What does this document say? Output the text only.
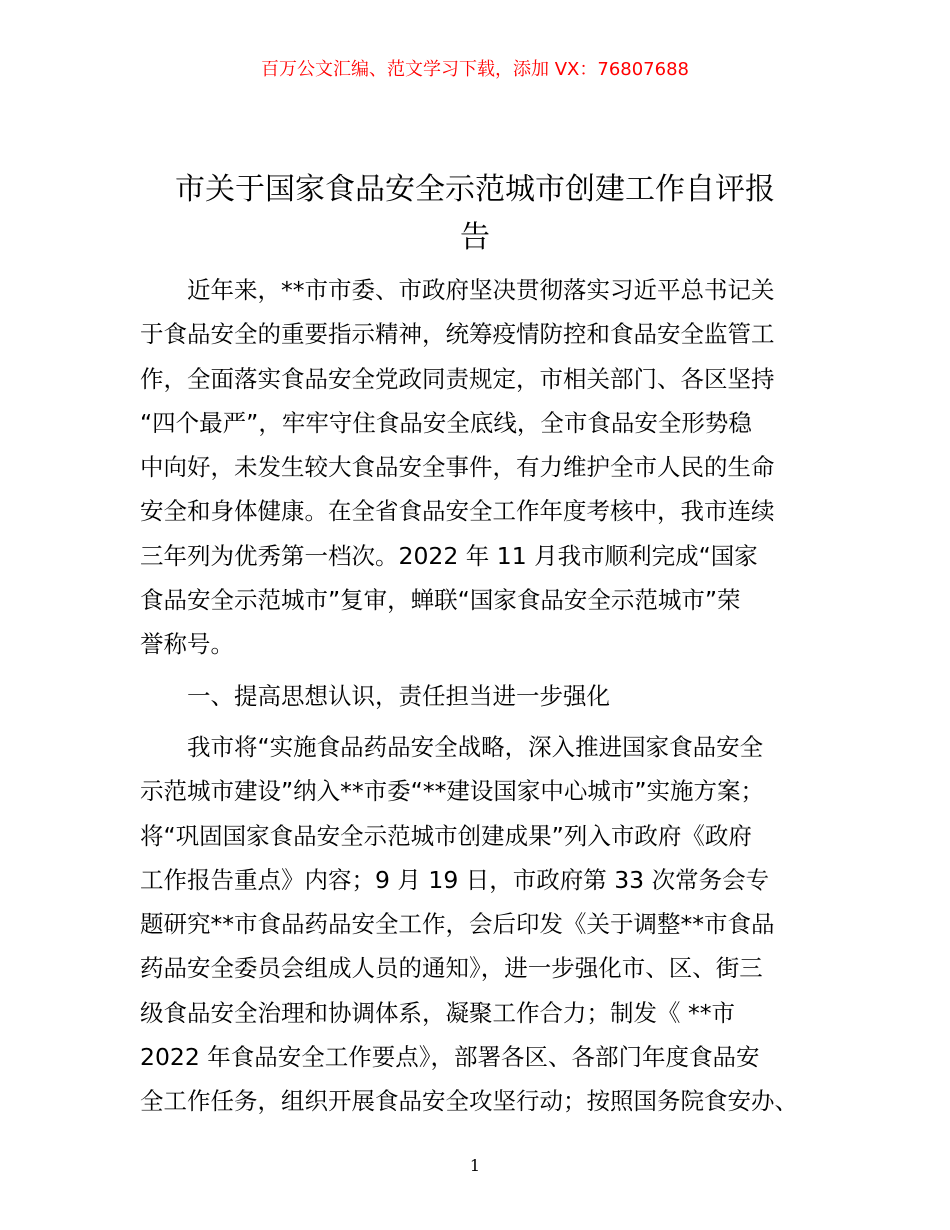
百万公文汇编、范文学习下载，添加 VX：76807688
市关于国家食品安全示范城市创建工作自评报
告

　　近年来，**市市委、市政府坚决贯彻落实习近平总书记关
于食品安全的重要指示精神，统筹疫情防控和食品安全监管工
作，全面落实食品安全党政同责规定，市相关部门、各区坚持
“四个最严”，牢牢守住食品安全底线，全市食品安全形势稳
中向好，未发生较大食品安全事件，有力维护全市人民的生命
安全和身体健康。在全省食品安全工作年度考核中，我市连续
三年列为优秀第一档次。2022 年 11 月我市顺利完成“国家
食品安全示范城市”复审，蝉联“国家食品安全示范城市”荣
誉称号。

　　一、提高思想认识，责任担当进一步强化

　　我市将“实施食品药品安全战略，深入推进国家食品安全
示范城市建设”纳入**市委“**建设国家中心城市”实施方案；
将“巩固国家食品安全示范城市创建成果”列入市政府《政府
工作报告重点》内容；9 月 19 日，市政府第 33 次常务会专
题研究**市食品药品安全工作，会后印发《关于调整**市食品
药品安全委员会组成人员的通知》，进一步强化市、区、街三
级食品安全治理和协调体系，凝聚工作合力；制发《 **市
2022 年食品安全工作要点》，部署各区、各部门年度食品安
全工作任务，组织开展食品安全攻坚行动；按照国务院食安办、

1
